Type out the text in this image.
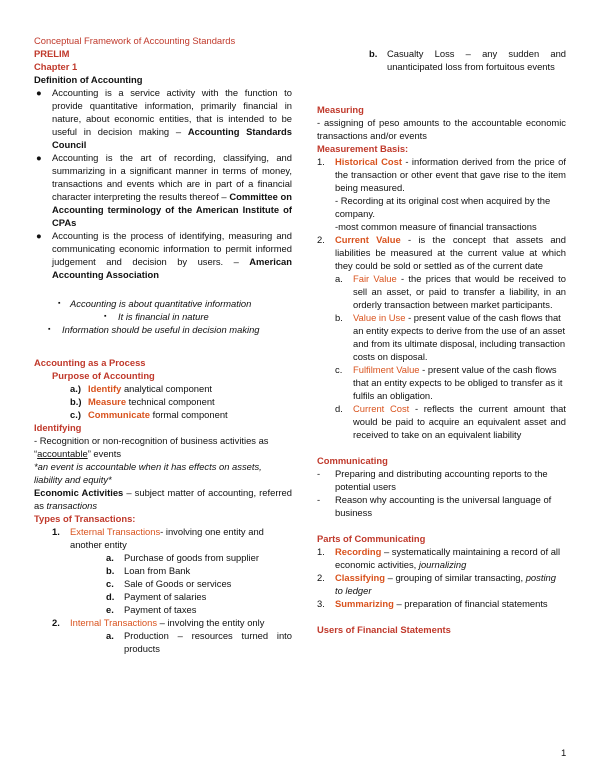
Conceptual Framework of Accounting Standards
PRELIM
Chapter 1
Definition of Accounting
● Accounting is a service activity with the function to provide quantitative information, primarily financial in nature, about economic entities, that is intended to be useful in decision making – Accounting Standards Council
● Accounting is the art of recording, classifying, and summarizing in a significant manner in terms of money, transactions and events which are in part of a financial character interpreting the results thereof – Committee on Accounting terminology of the American Institute of CPAs
● Accounting is the process of identifying, measuring and communicating economic information to permit informed judgement and decision by users. – American Accounting Association
▪ Accounting is about quantitative information
▪ It is financial in nature
▪ Information should be useful in decision making
Accounting as a Process
Purpose of Accounting
a.) Identify analytical component
b.) Measure technical component
c.) Communicate formal component
Identifying
- Recognition or non-recognition of business activities as “accountable” events
*an event is accountable when it has effects on assets, liability and equity*
Economic Activities – subject matter of accounting, referred as transactions
Types of Transactions:
1. External Transactions- involving one entity and another entity
a. Purchase of goods from supplier
b. Loan from Bank
c. Sale of Goods or services
d. Payment of salaries
e. Payment of taxes
2. Internal Transactions – involving the entity only
a. Production – resources turned into products
b. Casualty Loss – any sudden and unanticipated loss from fortuitous events
Measuring
- assigning of peso amounts to the accountable economic transactions and/or events
Measurement Basis:
1. Historical Cost - information derived from the price of the transaction or other event that gave rise to the item being measured.
- Recording at its original cost when acquired by the company.
-most common measure of financial transactions
2. Current Value - is the concept that assets and liabilities be measured at the current value at which they could be sold or settled as of the current date
a. Fair Value - the prices that would be received to sell an asset, or paid to transfer a liability, in an orderly transaction between market participants.
b. Value in Use - present value of the cash flows that an entity expects to derive from the use of an asset and from its ultimate disposal, including transaction costs on disposal.
c. Fulfilment Value - present value of the cash flows that an entity expects to be obliged to transfer as it fulfils an obligation.
d. Current Cost - reflects the current amount that would be paid to acquire an equivalent asset and received to take on an equivalent liability
Communicating
- Preparing and distributing accounting reports to the potential users
- Reason why accounting is the universal language of business
Parts of Communicating
1. Recording – systematically maintaining a record of all economic activities, journalizing
2. Classifying – grouping of similar transacting, posting to ledger
3. Summarizing – preparation of financial statements
Users of Financial Statements
1
